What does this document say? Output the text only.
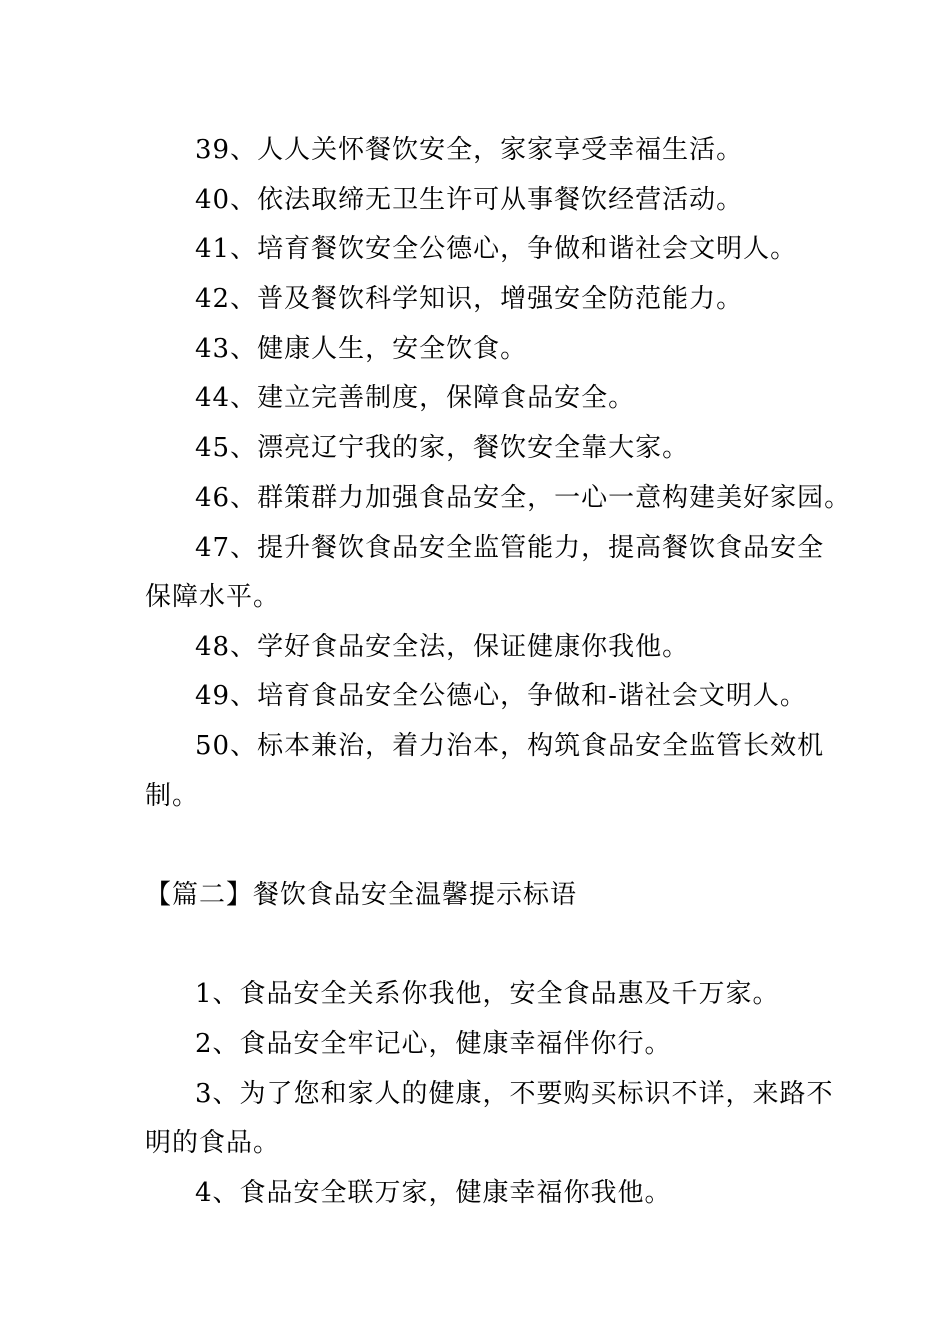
39、人人关怀餐饮安全，家家享受幸福生活。
40、依法取缔无卫生许可从事餐饮经营活动。
41、培育餐饮安全公德心，争做和谐社会文明人。
42、普及餐饮科学知识，增强安全防范能力。
43、健康人生，安全饮食。
44、建立完善制度，保障食品安全。
45、漂亮辽宁我的家，餐饮安全靠大家。
46、群策群力加强食品安全，一心一意构建美好家园。
47、提升餐饮食品安全监管能力，提高餐饮食品安全
保障水平。
48、学好食品安全法，保证健康你我他。
49、培育食品安全公德心，争做和-谐社会文明人。
50、标本兼治，着力治本，构筑食品安全监管长效机
制。
【篇二】餐饮食品安全温馨提示标语
1、食品安全关系你我他，安全食品惠及千万家。
2、食品安全牢记心，健康幸福伴你行。
3、为了您和家人的健康，不要购买标识不详，来路不
明的食品。
4、食品安全联万家，健康幸福你我他。
